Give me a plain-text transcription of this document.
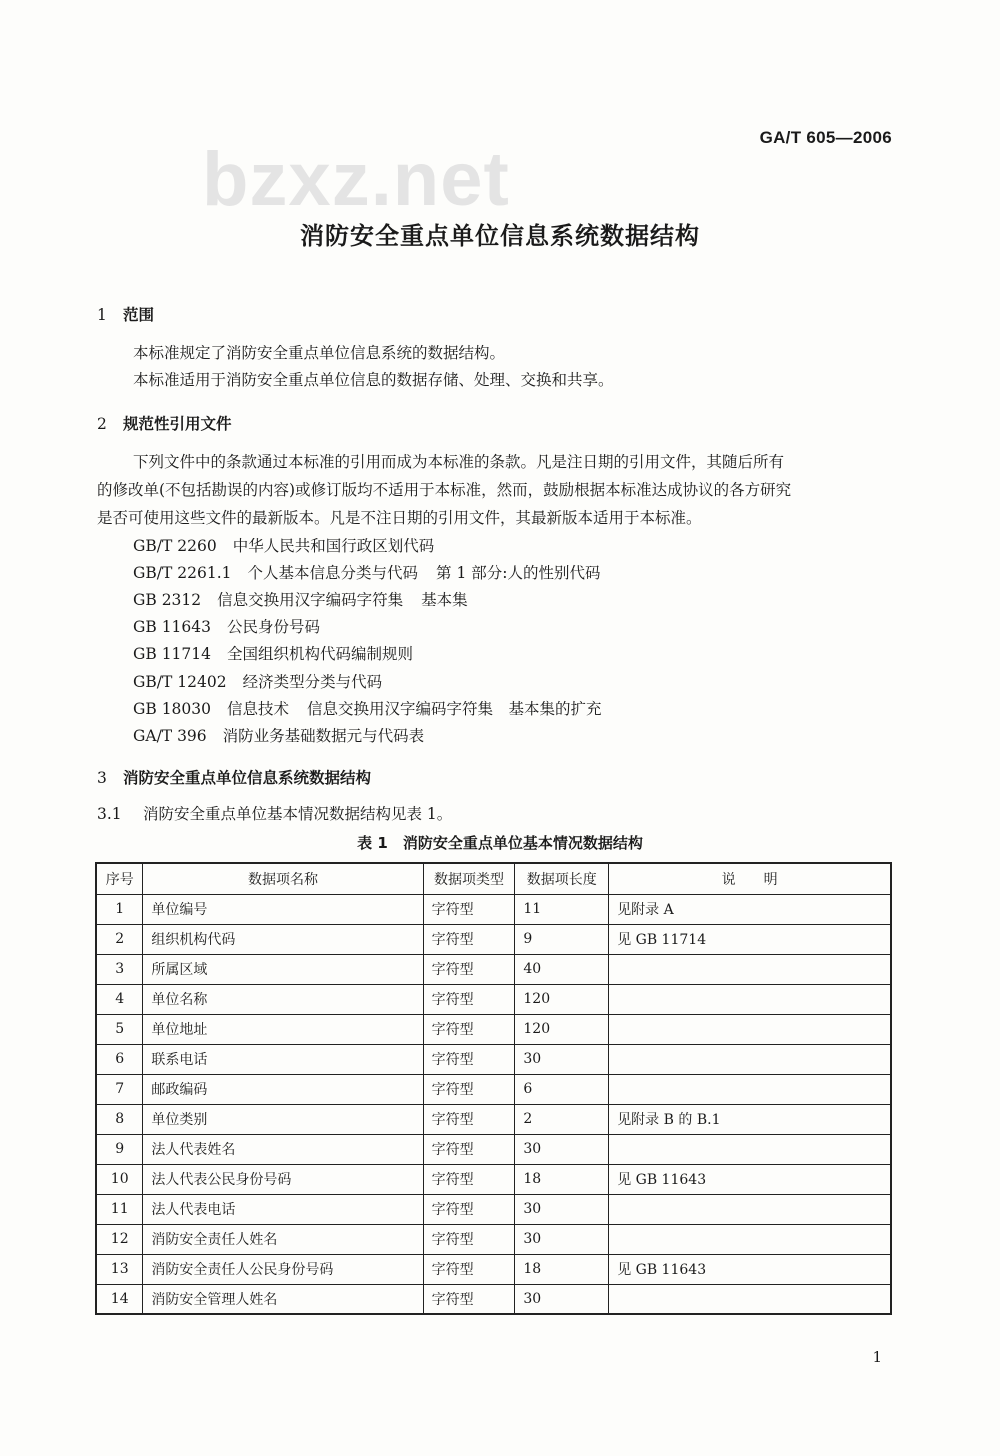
bzxz.net	GA/T 605—2006
消防安全重点单位信息系统数据结构
1 范围
本标准规定了消防安全重点单位信息系统的数据结构。
本标准适用于消防安全重点单位信息的数据存储、处理、交换和共享。
2 规范性引用文件
下列文件中的条款通过本标准的引用而成为本标准的条款。凡是注日期的引用文件，其随后所有
的修改单(不包括勘误的内容)或修订版均不适用于本标准，然而，鼓励根据本标准达成协议的各方研究
是否可使用这些文件的最新版本。凡是不注日期的引用文件，其最新版本适用于本标准。
GB/T 2260 中华人民共和国行政区划代码
GB/T 2261.1 个人基本信息分类与代码 第 1 部分:人的性别代码
GB 2312 信息交换用汉字编码字符集 基本集
GB 11643 公民身份号码
GB 11714 全国组织机构代码编制规则
GB/T 12402 经济类型分类与代码
GB 18030 信息技术 信息交换用汉字编码字符集　基本集的扩充
GA/T 396 消防业务基础数据元与代码表
3 消防安全重点单位信息系统数据结构
3.1 消防安全重点单位基本情况数据结构见表 1。
表 1　消防安全重点单位基本情况数据结构
序号	数据项名称	数据项类型	数据项长度	说　　明
1	单位编号	字符型	11	见附录 A
2	组织机构代码	字符型	9	见 GB 11714
3	所属区域	字符型	40	
4	单位名称	字符型	120	
5	单位地址	字符型	120	
6	联系电话	字符型	30	
7	邮政编码	字符型	6	
8	单位类别	字符型	2	见附录 B 的 B.1
9	法人代表姓名	字符型	30	
10	法人代表公民身份号码	字符型	18	见 GB 11643
11	法人代表电话	字符型	30	
12	消防安全责任人姓名	字符型	30	
13	消防安全责任人公民身份号码	字符型	18	见 GB 11643
14	消防安全管理人姓名	字符型	30	
1
